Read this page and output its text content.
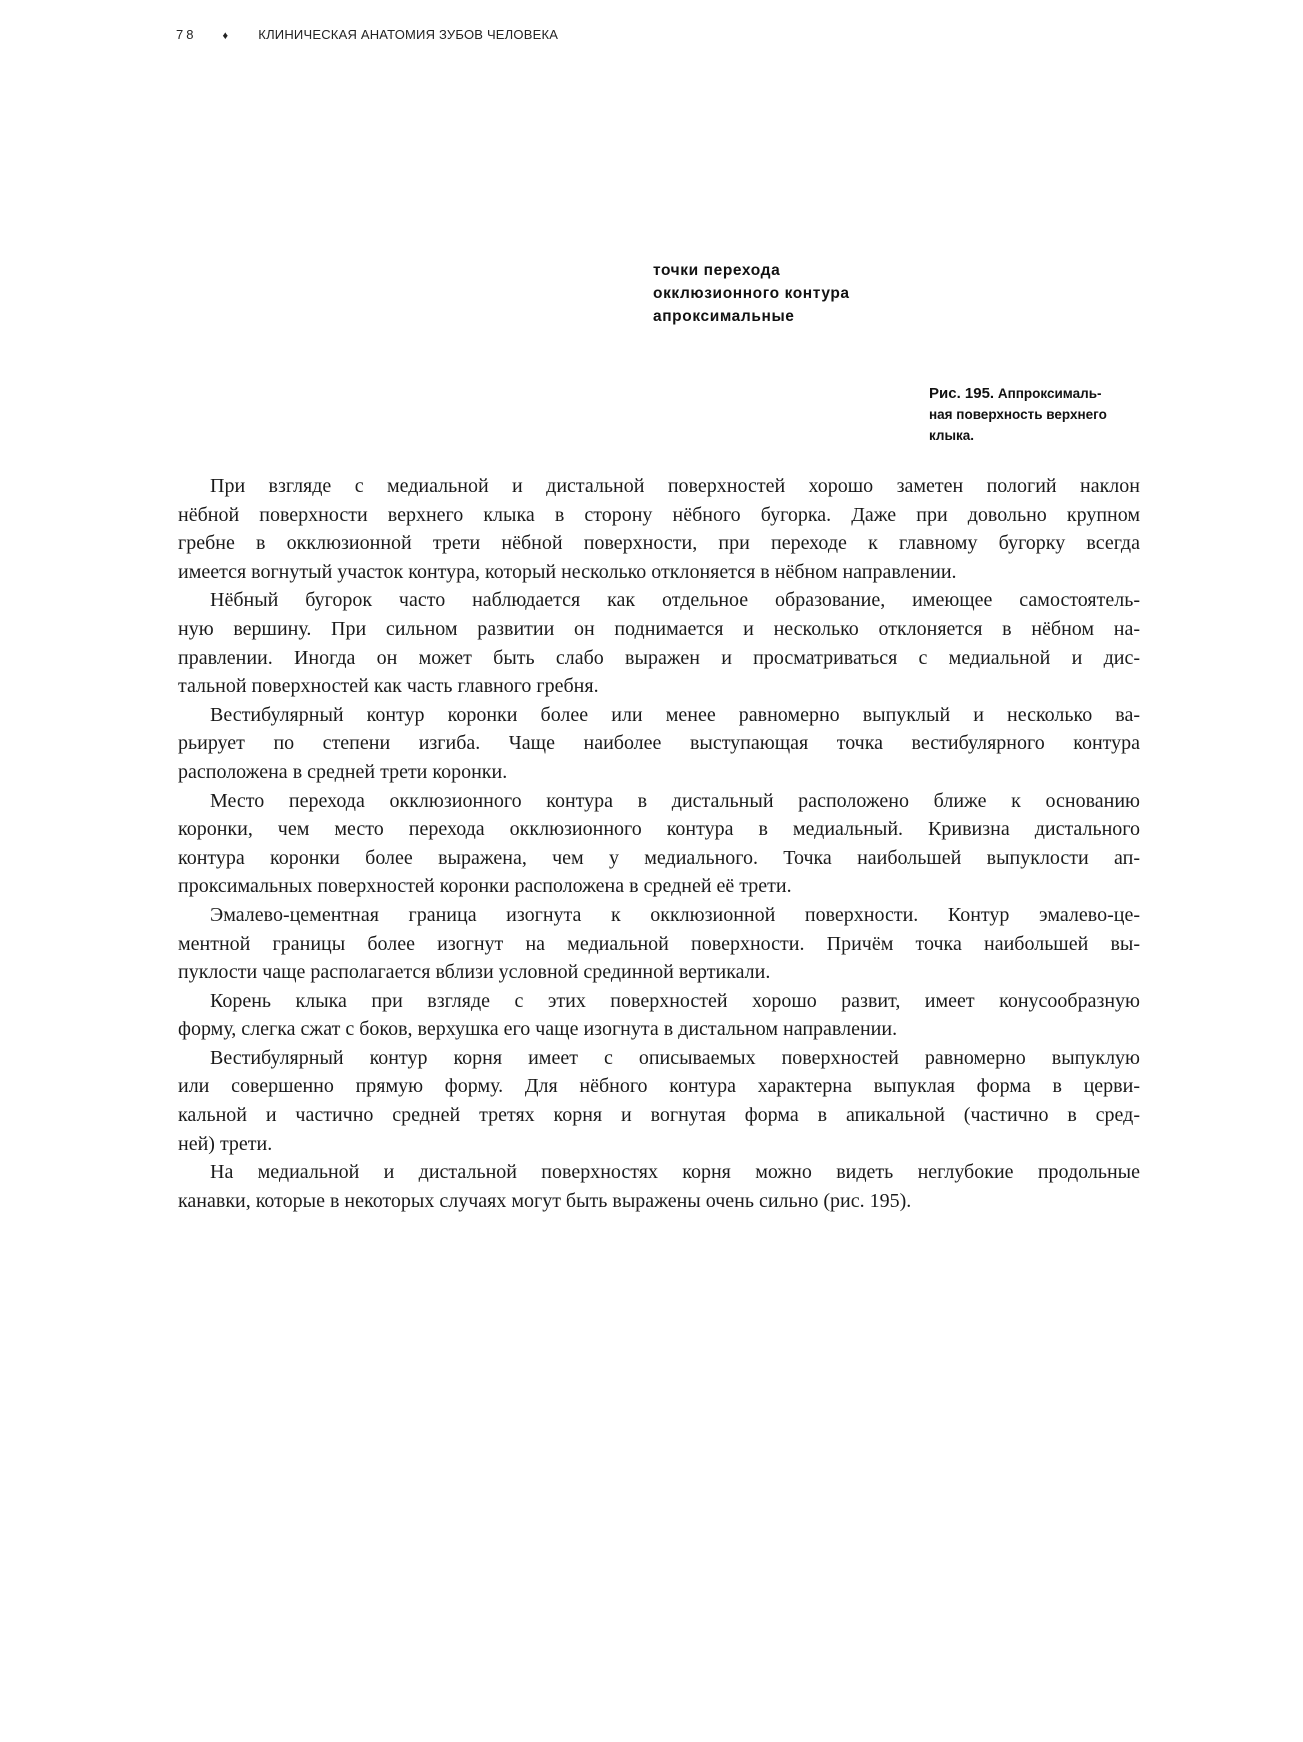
78 ♦ КЛИНИЧЕСКАЯ АНАТОМИЯ ЗУБОВ ЧЕЛОВЕКА
точки перехода
окклюзионного контура
апроксимальные
Рис. 195. Аппроксималь-
ная поверхность верхнего
клыка.
При взгляде с медиальной и дистальной поверхностей хорошо заметен пологий наклон
нёбной поверхности верхнего клыка в сторону нёбного бугорка. Даже при довольно крупном
гребне в окклюзионной трети нёбной поверхности, при переходе к главному бугорку всегда
имеется вогнутый участок контура, который несколько отклоняется в нёбном направлении.
Нёбный бугорок часто наблюдается как отдельное образование, имеющее самостоятель-
ную вершину. При сильном развитии он поднимается и несколько отклоняется в нёбном на-
правлении. Иногда он может быть слабо выражен и просматриваться с медиальной и дис-
тальной поверхностей как часть главного гребня.
Вестибулярный контур коронки более или менее равномерно выпуклый и несколько ва-
рьирует по степени изгиба. Чаще наиболее выступающая точка вестибулярного контура
расположена в средней трети коронки.
Место перехода окклюзионного контура в дистальный расположено ближе к основанию
коронки, чем место перехода окклюзионного контура в медиальный. Кривизна дистального
контура коронки более выражена, чем у медиального. Точка наибольшей выпуклости ап-
проксимальных поверхностей коронки расположена в средней её трети.
Эмалево-цементная граница изогнута к окклюзионной поверхности. Контур эмалево-це-
ментной границы более изогнут на медиальной поверхности. Причём точка наибольшей вы-
пуклости чаще располагается вблизи условной срединной вертикали.
Корень клыка при взгляде с этих поверхностей хорошо развит, имеет конусообразную
форму, слегка сжат с боков, верхушка его чаще изогнута в дистальном направлении.
Вестибулярный контур корня имеет с описываемых поверхностей равномерно выпуклую
или совершенно прямую форму. Для нёбного контура характерна выпуклая форма в церви-
кальной и частично средней третях корня и вогнутая форма в апикальной (частично в сред-
ней) трети.
На медиальной и дистальной поверхностях корня можно видеть неглубокие продольные
канавки, которые в некоторых случаях могут быть выражены очень сильно (рис. 195).
